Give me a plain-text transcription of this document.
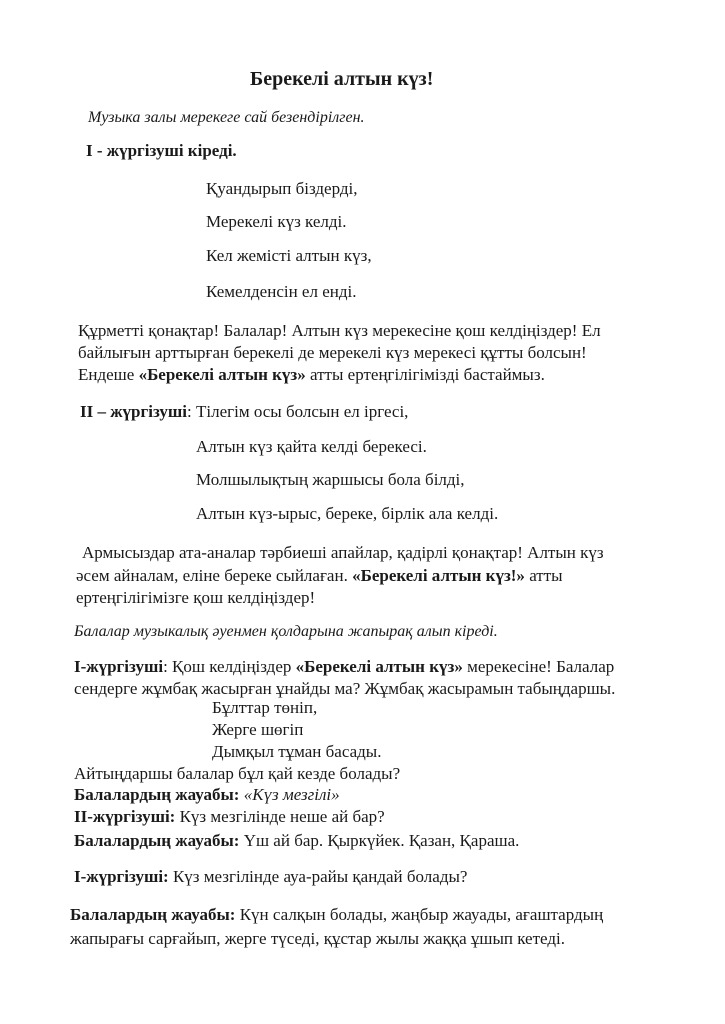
Берекелі алтын күз!
Музыка залы мерекеге сай безендірілген.
І - жүргізуші кіреді.
Қуандырып біздерді,
Мерекелі күз келді.
Кел жемісті алтын күз,
Кемелденсін ел енді.
Құрметті қонақтар! Балалар! Алтын күз мерекесіне қош келдіңіздер! Ел
байлығын арттырған берекелі де мерекелі күз мерекесі құтты болсын!
Ендеше «Берекелі алтын күз» атты ертеңгілігімізді бастаймыз.
ІІ – жүргізуші: Тілегім осы болсын ел іргесі,
Алтын күз қайта келді берекесі.
Молшылықтың жаршысы бола білді,
Алтын күз-ырыс, береке, бірлік ала келді.
Армысыздар ата-аналар тәрбиеші апайлар, қадірлі қонақтар! Алтын күз
әсем айналам, еліне береке сыйлаған. «Берекелі алтын күз!» атты
ертеңгілігімізге қош келдіңіздер!
Балалар музыкалық әуенмен қолдарына жапырақ алып кіреді.
І-жүргізуші: Қош келдіңіздер «Берекелі алтын күз» мерекесіне! Балалар
сендерге жұмбақ жасырған ұнайды ма? Жұмбақ жасырамын табыңдаршы.
Бұлттар төніп,
Жерге шөгіп
Дымқыл тұман басады.
Айтыңдаршы балалар бұл қай кезде болады?
Балалардың жауабы: «Күз мезгілі»
ІІ-жүргізуші: Күз мезгілінде неше ай бар?
Балалардың жауабы: Үш ай бар. Қыркүйек. Қазан, Қараша.
І-жүргізуші: Күз мезгілінде ауа-райы қандай болады?
Балалардың жауабы: Күн салқын болады, жаңбыр жауады, ағаштардың
жапырағы сарғайып, жерге түседі, құстар жылы жаққа ұшып кетеді.
